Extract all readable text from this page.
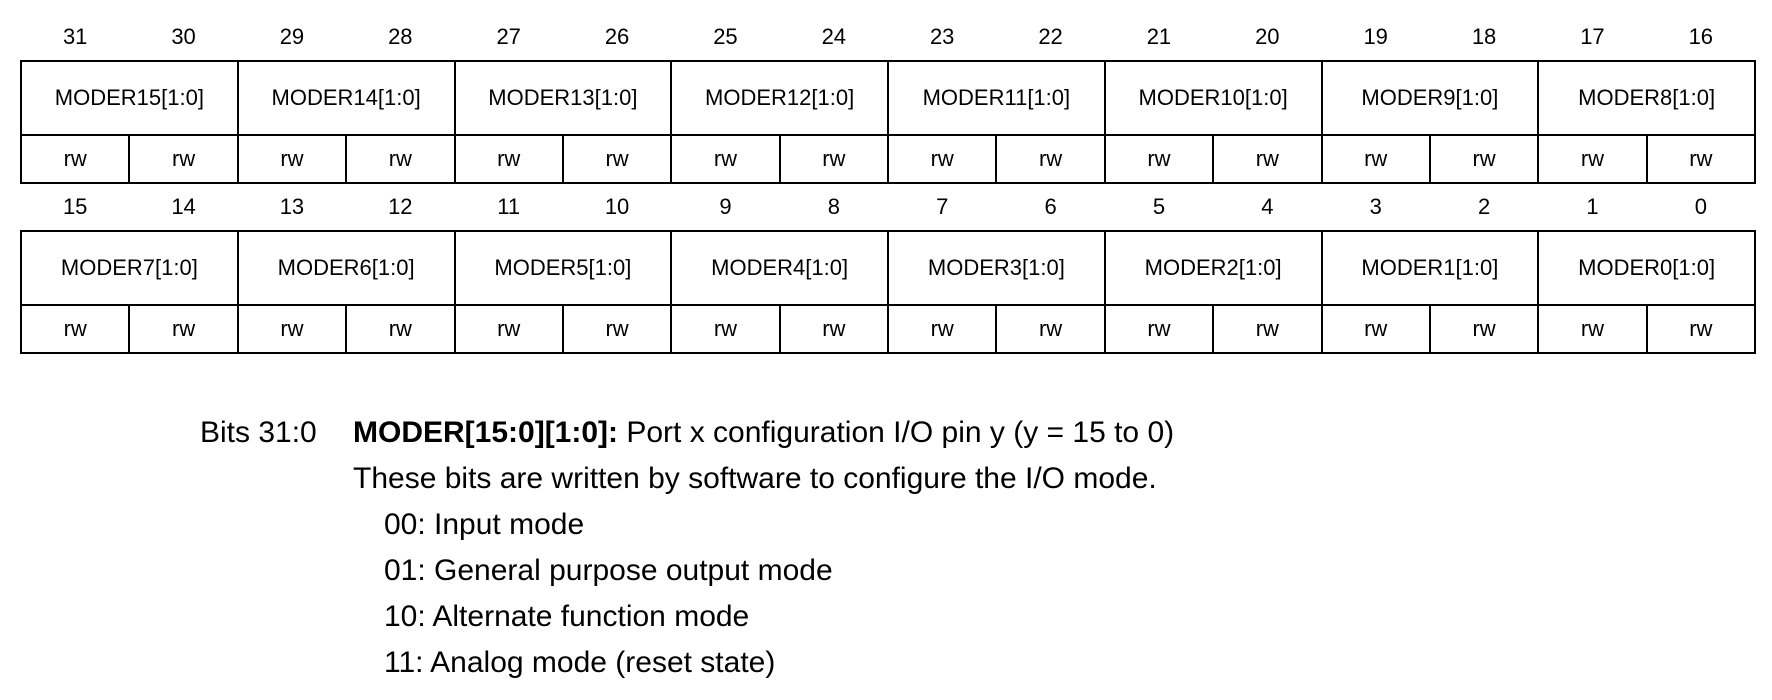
31	30	29	28	27	26	25	24	23	22	21	20	19	18	17	16
MODER15[1:0]		MODER14[1:0]		MODER13[1:0]		MODER12[1:0]		MODER11[1:0]		MODER10[1:0]		MODER9[1:0]		MODER8[1:0]	
rw	rw	rw	rw	rw	rw	rw	rw	rw	rw	rw	rw	rw	rw	rw	rw
15	14	13	12	11	10	9	8	7	6	5	4	3	2	1	0
MODER7[1:0]		MODER6[1:0]		MODER5[1:0]		MODER4[1:0]		MODER3[1:0]		MODER2[1:0]		MODER1[1:0]		MODER0[1:0]	
rw	rw	rw	rw	rw	rw	rw	rw	rw	rw	rw	rw	rw	rw	rw	rw
Bits 31:0	MODER[15:0][1:0]: Port x configuration I/O pin y (y = 15 to 0)
These bits are written by software to configure the I/O mode.
00: Input mode
01: General purpose output mode
10: Alternate function mode
11: Analog mode (reset state)
